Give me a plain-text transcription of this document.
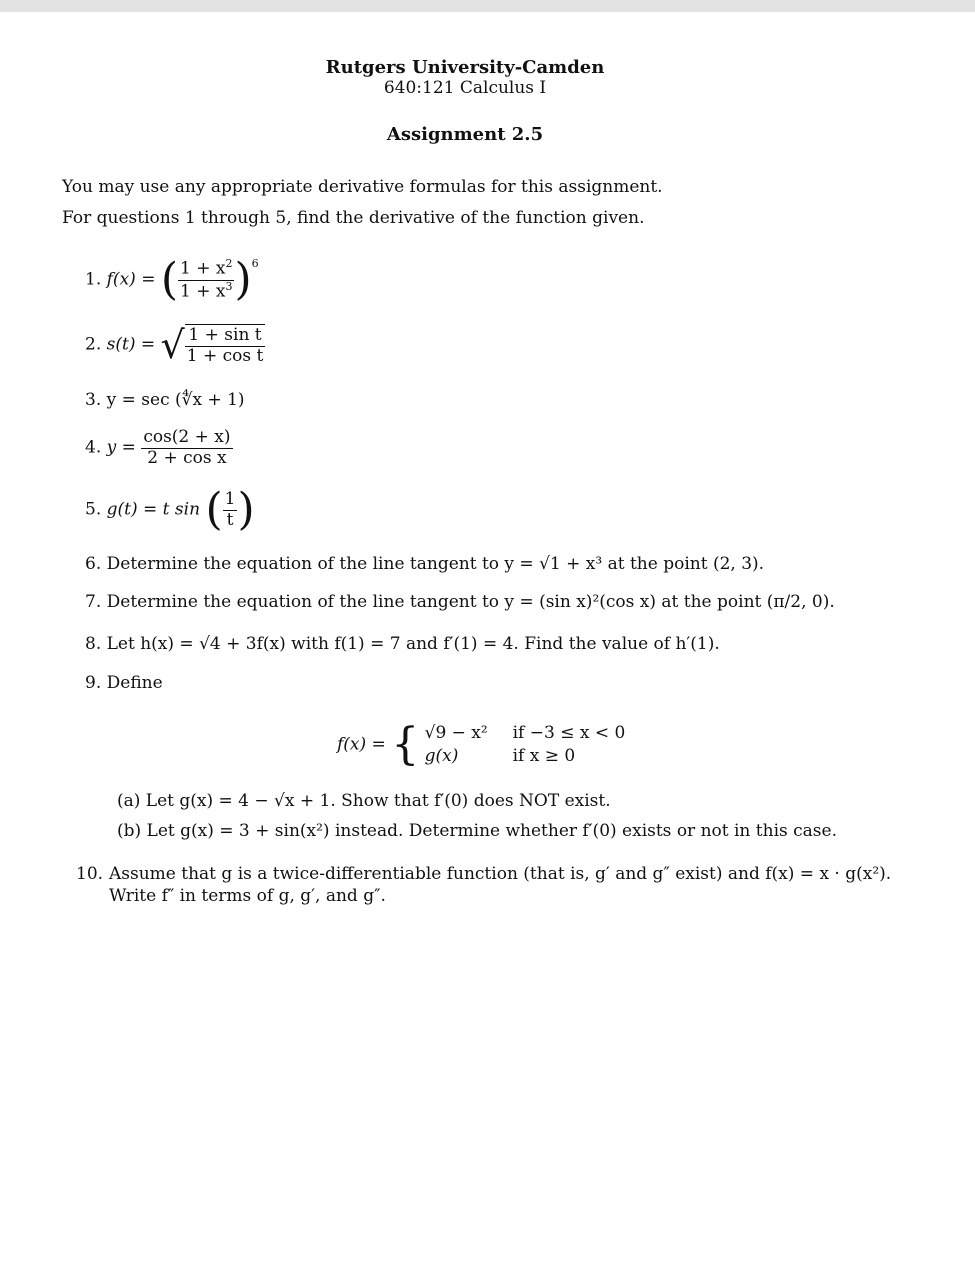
Rutgers University-Camden
640:121 Calculus I
Assignment 2.5
You may use any appropriate derivative formulas for this assignment.
For questions 1 through 5, find the derivative of the function given.
1. f(x) = ( $\frac{1 + x^2}{1 + x^3} )^6$
2. s(t) = √ $\frac{\text{1 + sin t}}{\text{1 + cos t}}$
3. y = sec (∜x + 1)
4. $y = \frac{\cos(2 + x)}{\text{2 + cos x}}$
5. g(t) = t sin ( $\frac{1}{t}$ )
6. Determine the equation of the line tangent to y = √1 + x³ at the point (2, 3).
7. Determine the equation of the line tangent to y = (sin x)²(cos x) at the point (π/2, 0).
8. Let h(x) = √4 + 3f(x) with f(1) = 7 and f′(1) = 4. Find the value of h′(1).
9. Define
f(x) = { √9 − x² if −3 ≤ x < 0
g(x)	if x ≥ 0
(a) Let g(x) = 4 − √x + 1. Show that f′(0) does NOT exist.
(b) Let g(x) = 3 + sin(x²) instead. Determine whether f′(0) exists or not in this case.
10. Assume that g is a twice-differentiable function (that is, g′ and g″ exist) and f(x) = x · g(x²).
Write f″ in terms of g, g′, and g″.
